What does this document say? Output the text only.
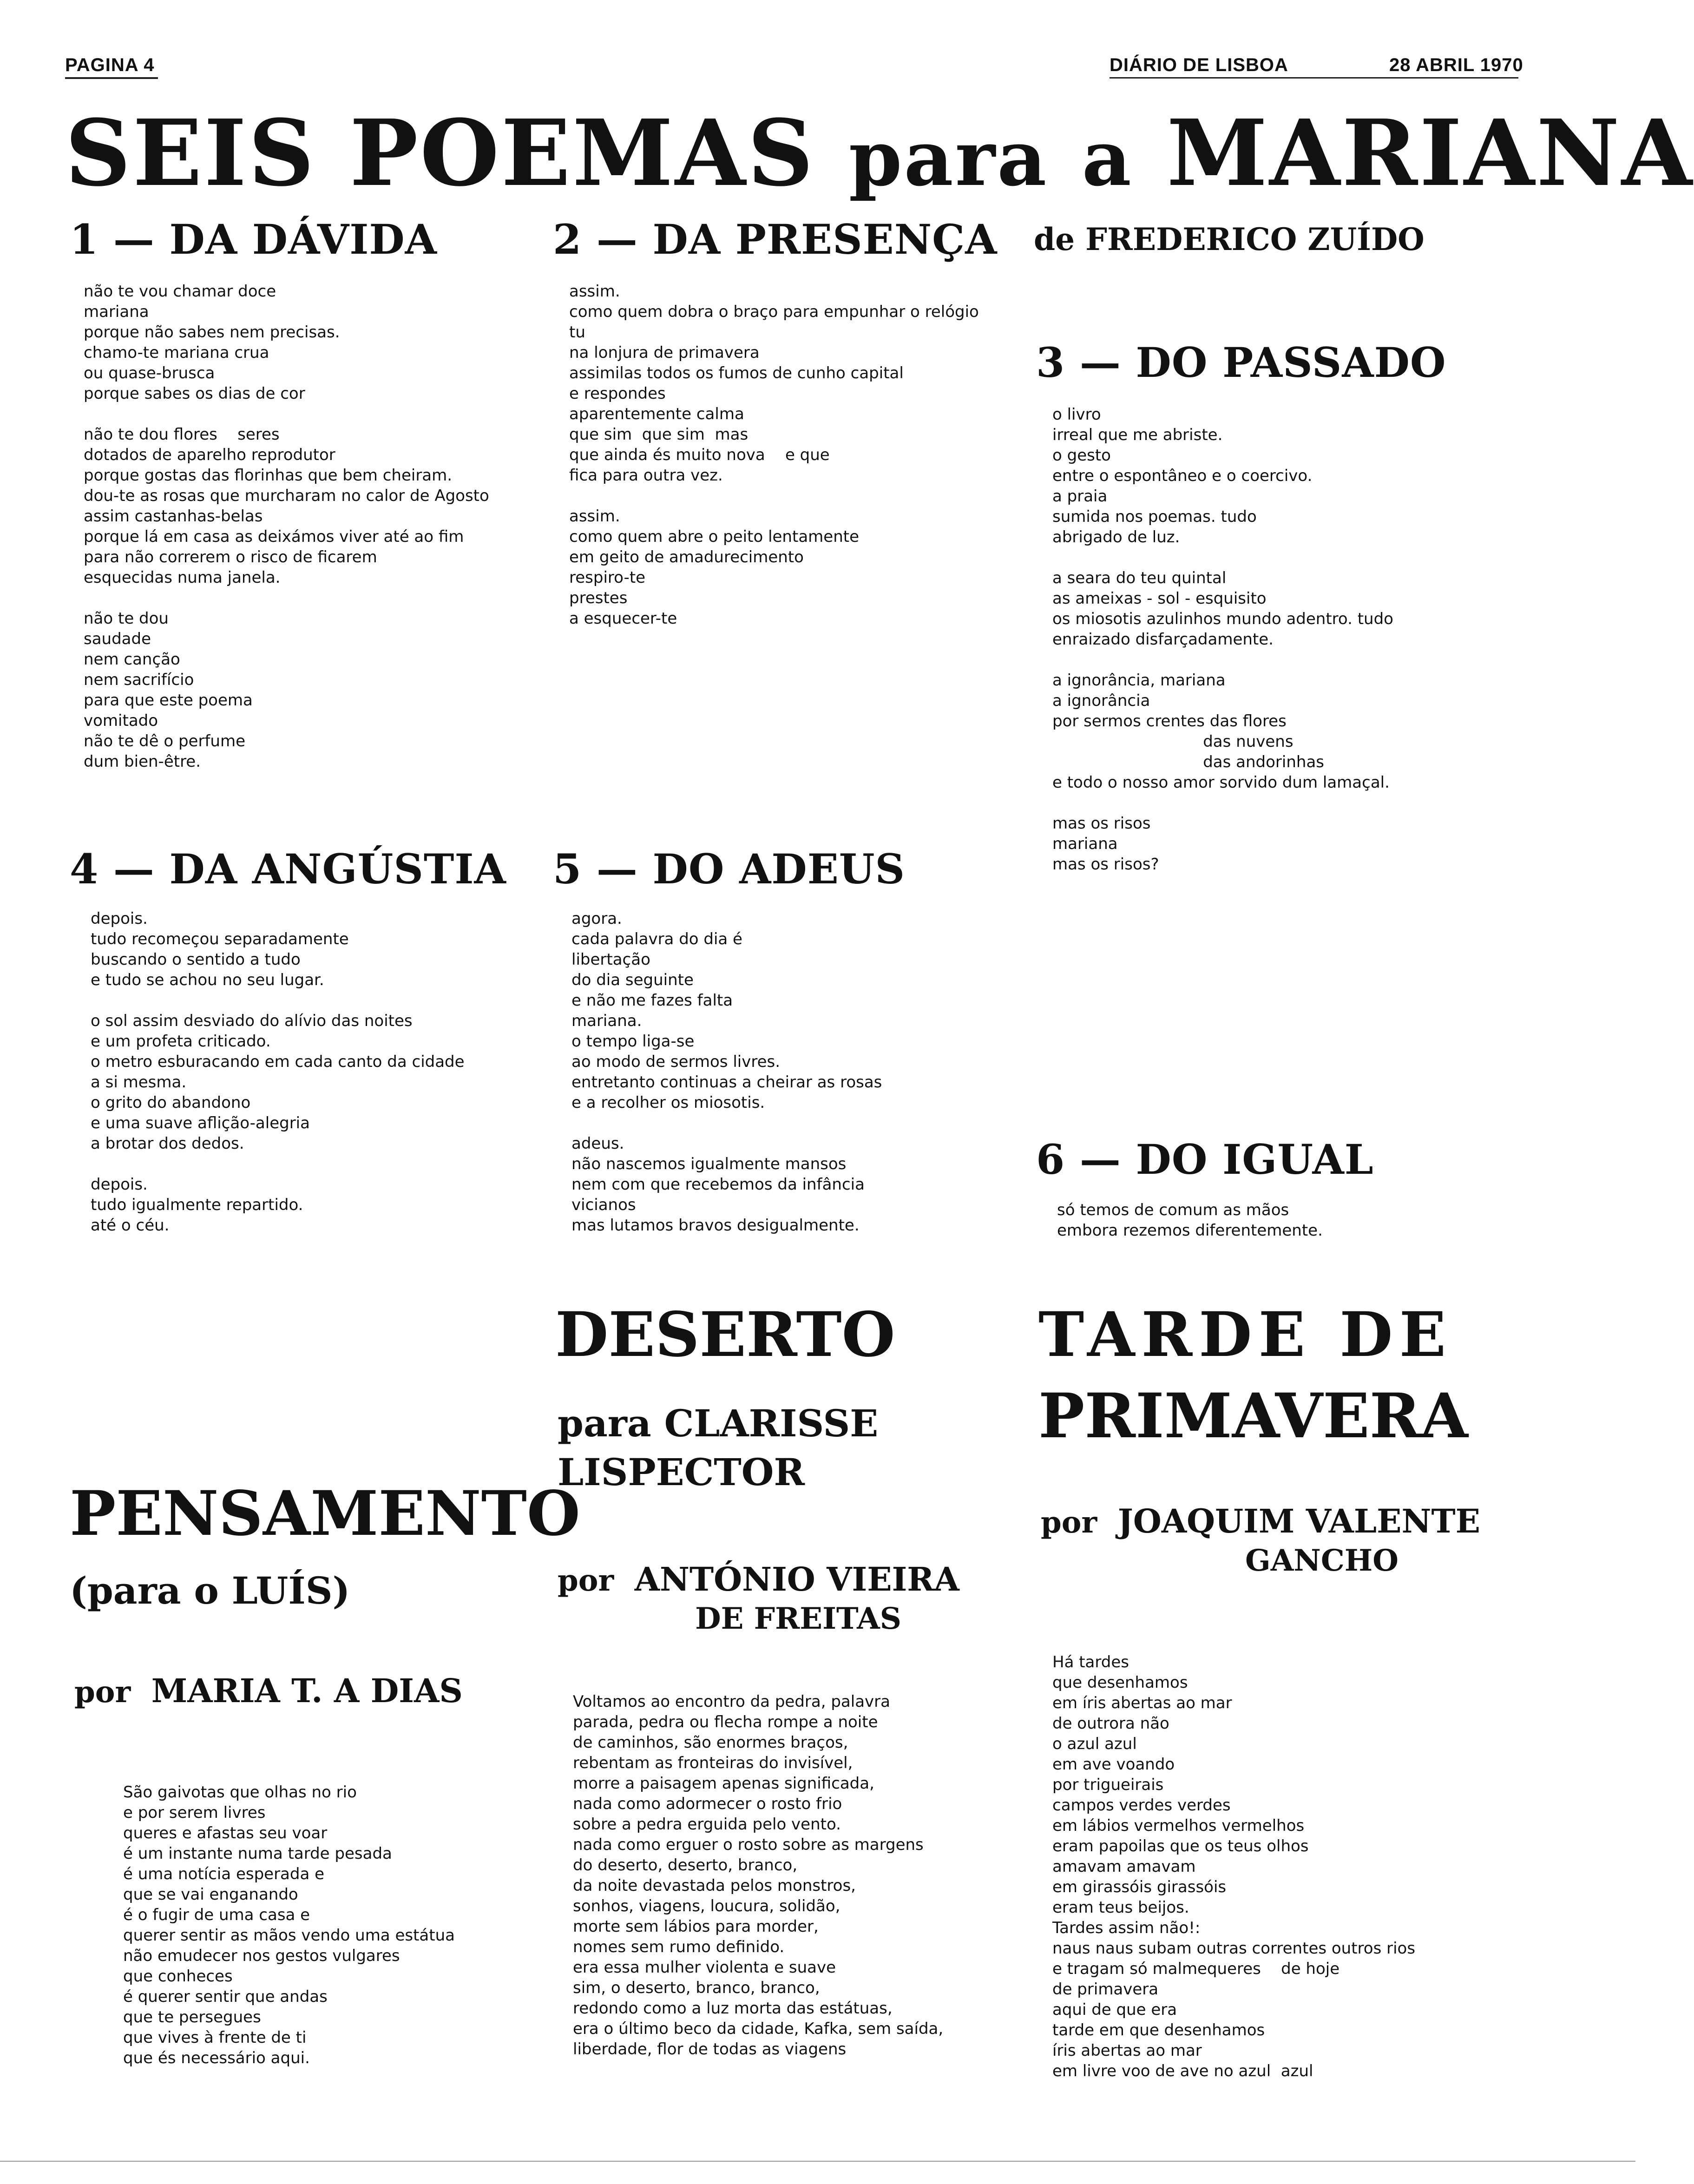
PAGINA 4	DIÁRIO DE LISBOA	28 ABRIL 1970
SEIS POEMAS para a MARIANA
1 — DA DÁVIDA
não te vou chamar doce
mariana
porque não sabes nem precisas.
chamo-te mariana crua
ou quase-brusca
porque sabes os dias de cor
não te dou flores    seres
dotados de aparelho reprodutor
porque gostas das florinhas que bem cheiram.
dou-te as rosas que murcharam no calor de Agosto
assim castanhas-belas
porque lá em casa as deixámos viver até ao fim
para não correrem o risco de ficarem
esquecidas numa janela.
não te dou
saudade
nem canção
nem sacrifício
para que este poema
vomitado
não te dê o perfume
dum bien-être.
2 — DA PRESENÇA
assim.
como quem dobra o braço para empunhar o relógio
tu
na lonjura de primavera
assimilas todos os fumos de cunho capital
e respondes
aparentemente calma
que sim  que sim  mas
que ainda és muito nova    e que
fica para outra vez.
assim.
como quem abre o peito lentamente
em geito de amadurecimento
respiro-te
prestes
a esquecer-te
de FREDERICO ZUÍDO
3 — DO PASSADO
o livro
irreal que me abriste.
o gesto
entre o espontâneo e o coercivo.
a praia
sumida nos poemas. tudo
abrigado de luz.
a seara do teu quintal
as ameixas - sol - esquisito
os miosotis azulinhos mundo adentro. tudo
enraizado disfarçadamente.
a ignorância, mariana
a ignorância
por sermos crentes das flores
das nuvens
das andorinhas
e todo o nosso amor sorvido dum lamaçal.
mas os risos
mariana
mas os risos?
4 — DA ANGÚSTIA
depois.
tudo recomeçou separadamente
buscando o sentido a tudo
e tudo se achou no seu lugar.
o sol assim desviado do alívio das noites
e um profeta criticado.
o metro esburacando em cada canto da cidade
a si mesma.
o grito do abandono
e uma suave aflição-alegria
a brotar dos dedos.
depois.
tudo igualmente repartido.
até o céu.
5 — DO ADEUS
agora.
cada palavra do dia é
libertação
do dia seguinte
e não me fazes falta
mariana.
o tempo liga-se
ao modo de sermos livres.
entretanto continuas a cheirar as rosas
e a recolher os miosotis.
adeus.
não nascemos igualmente mansos
nem com que recebemos da infância
vicianos
mas lutamos bravos desigualmente.
6 — DO IGUAL
só temos de comum as mãos
embora rezemos diferentemente.
PENSAMENTO
(para o LUÍS)
por MARIA T. A DIAS
São gaivotas que olhas no rio
e por serem livres
queres e afastas seu voar
é um instante numa tarde pesada
é uma notícia esperada e
que se vai enganando
é o fugir de uma casa e
querer sentir as mãos vendo uma estátua
não emudecer nos gestos vulgares
que conheces
é querer sentir que andas
que te persegues
que vives à frente de ti
que és necessário aqui.
DESERTO
para CLARISSE
LISPECTOR
por ANTÓNIO VIEIRA
DE FREITAS
Voltamos ao encontro da pedra, palavra
parada, pedra ou flecha rompe a noite
de caminhos, são enormes braços,
rebentam as fronteiras do invisível,
morre a paisagem apenas significada,
nada como adormecer o rosto frio
sobre a pedra erguida pelo vento.
nada como erguer o rosto sobre as margens
do deserto, deserto, branco,
da noite devastada pelos monstros,
sonhos, viagens, loucura, solidão,
morte sem lábios para morder,
nomes sem rumo definido.
era essa mulher violenta e suave
sim, o deserto, branco, branco,
redondo como a luz morta das estátuas,
era o último beco da cidade, Kafka, sem saída,
liberdade, flor de todas as viagens
TARDE DE
PRIMAVERA
por JOAQUIM VALENTE
GANCHO
Há tardes
que desenhamos
em íris abertas ao mar
de outrora não
o azul azul
em ave voando
por trigueirais
campos verdes verdes
em lábios vermelhos vermelhos
eram papoilas que os teus olhos
amavam amavam
em girassóis girassóis
eram teus beijos.
Tardes assim não!:
naus naus subam outras correntes outros rios
e tragam só malmequeres    de hoje
de primavera
aqui de que era
tarde em que desenhamos
íris abertas ao mar
em livre voo de ave no azul  azul
